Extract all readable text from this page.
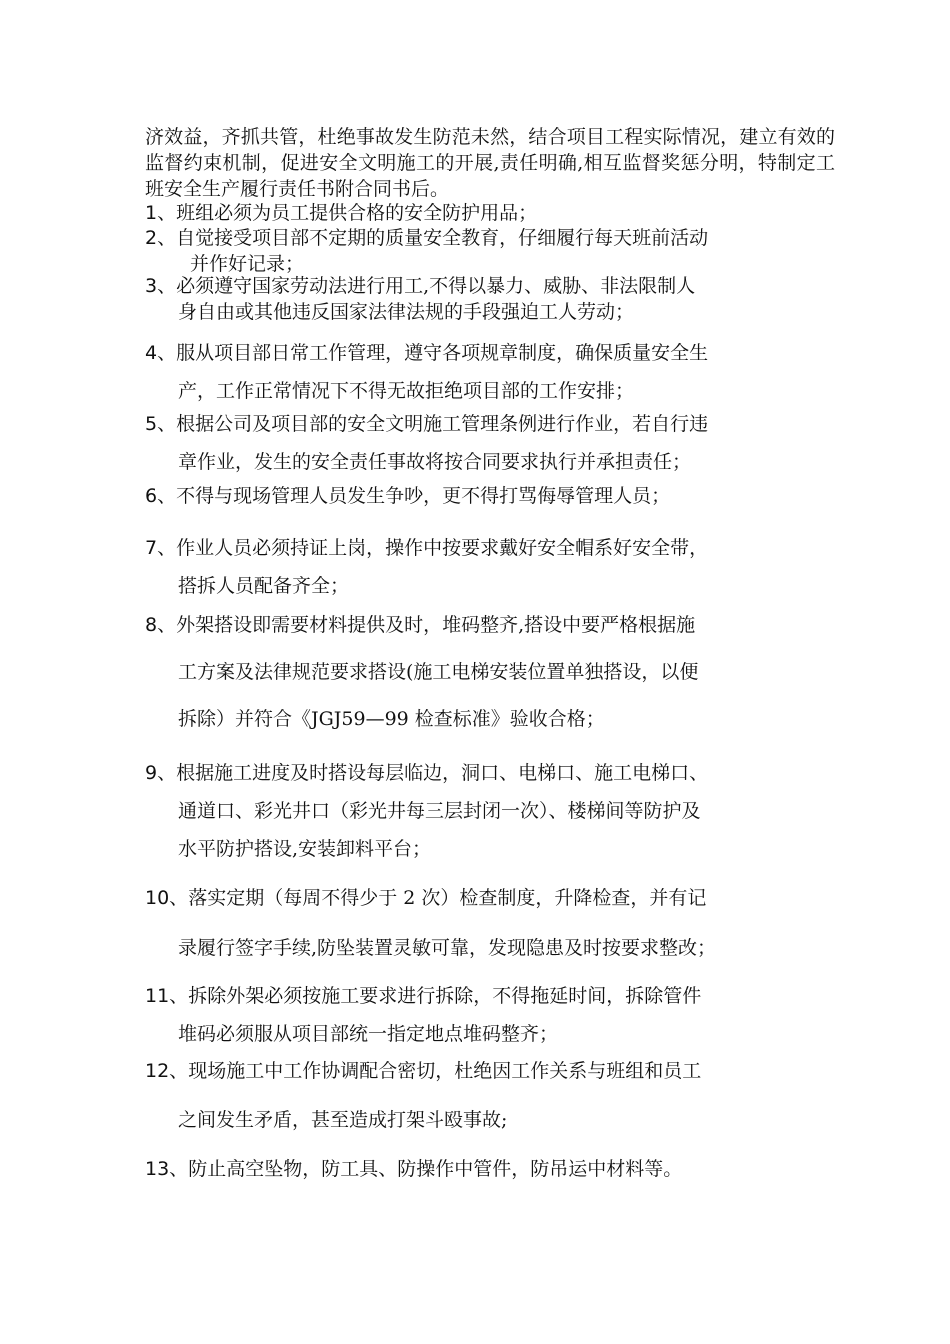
济效益，齐抓共管，杜绝事故发生防范未然，结合项目工程实际情况，建立有效的监督约束机制，促进安全文明施工的开展,责任明确,相互监督奖惩分明，特制定工班安全生产履行责任书附合同书后。
1、班组必须为员工提供合格的安全防护用品；
2、自觉接受项目部不定期的质量安全教育，仔细履行每天班前活动
并作好记录；
3、必须遵守国家劳动法进行用工,不得以暴力、威胁、非法限制人
身自由或其他违反国家法律法规的手段强迫工人劳动；
4、服从项目部日常工作管理，遵守各项规章制度，确保质量安全生
产，工作正常情况下不得无故拒绝项目部的工作安排；
5、根据公司及项目部的安全文明施工管理条例进行作业，若自行违
章作业，发生的安全责任事故将按合同要求执行并承担责任；
6、不得与现场管理人员发生争吵，更不得打骂侮辱管理人员；
7、作业人员必须持证上岗，操作中按要求戴好安全帽系好安全带，
搭拆人员配备齐全；
8、外架搭设即需要材料提供及时，堆码整齐,搭设中要严格根据施
工方案及法律规范要求搭设(施工电梯安装位置单独搭设，以便
拆除）并符合《JGJ59—99 检查标准》验收合格；
9、根据施工进度及时搭设每层临边，洞口、电梯口、施工电梯口、
通道口、彩光井口（彩光井每三层封闭一次）、楼梯间等防护及
水平防护搭设,安装卸料平台；
10、落实定期（每周不得少于 2 次）检查制度，升降检查，并有记
录履行签字手续,防坠装置灵敏可靠，发现隐患及时按要求整改；
11、拆除外架必须按施工要求进行拆除，不得拖延时间，拆除管件
堆码必须服从项目部统一指定地点堆码整齐；
12、现场施工中工作协调配合密切，杜绝因工作关系与班组和员工
之间发生矛盾，甚至造成打架斗殴事故;
13、防止高空坠物，防工具、防操作中管件，防吊运中材料等。
